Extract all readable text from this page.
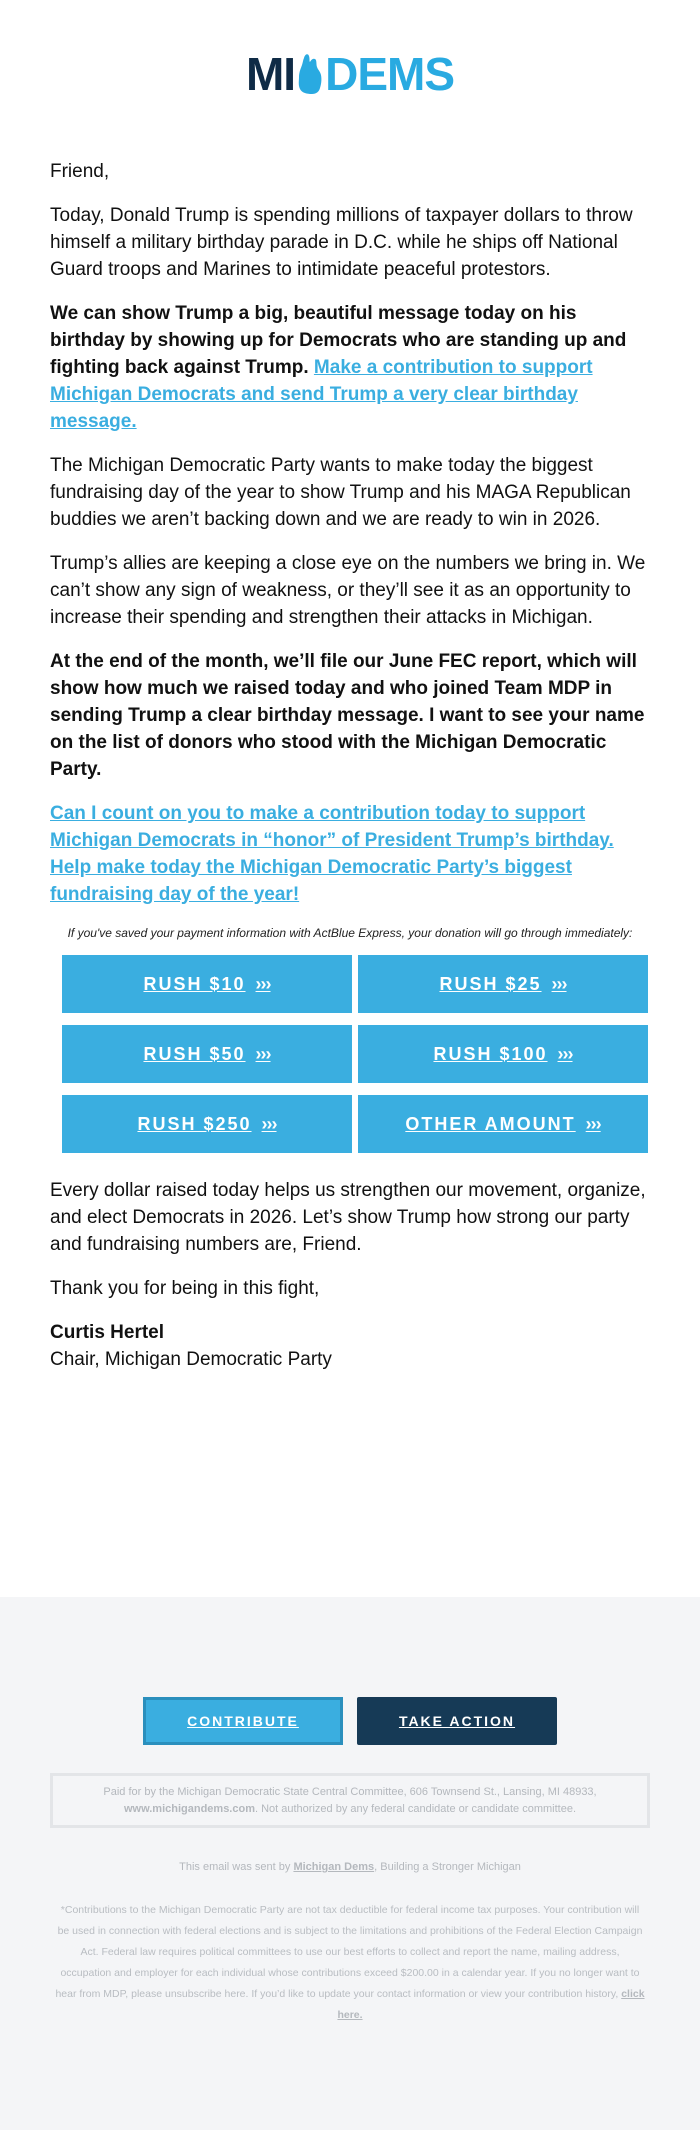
MI DEMS

Friend,

Today, Donald Trump is spending millions of taxpayer dollars to throw himself a military birthday parade in D.C. while he ships off National Guard troops and Marines to intimidate peaceful protestors.

We can show Trump a big, beautiful message today on his birthday by showing up for Democrats who are standing up and fighting back against Trump. Make a contribution to support Michigan Democrats and send Trump a very clear birthday message.

The Michigan Democratic Party wants to make today the biggest fundraising day of the year to show Trump and his MAGA Republican buddies we aren’t backing down and we are ready to win in 2026.

Trump’s allies are keeping a close eye on the numbers we bring in. We can’t show any sign of weakness, or they’ll see it as an opportunity to increase their spending and strengthen their attacks in Michigan.

At the end of the month, we’ll file our June FEC report, which will show how much we raised today and who joined Team MDP in sending Trump a clear birthday message. I want to see your name on the list of donors who stood with the Michigan Democratic Party.

Can I count on you to make a contribution today to support Michigan Democrats in “honor” of President Trump’s birthday. Help make today the Michigan Democratic Party’s biggest fundraising day of the year!

If you've saved your payment information with ActBlue Express, your donation will go through immediately:

RUSH $10 ›››	RUSH $25 ›››
RUSH $50 ›››	RUSH $100 ›››
RUSH $250 ›››	OTHER AMOUNT ›››

Every dollar raised today helps us strengthen our movement, organize, and elect Democrats in 2026. Let’s show Trump how strong our party and fundraising numbers are, Friend.

Thank you for being in this fight,

Curtis Hertel

Chair, Michigan Democratic Party

CONTRIBUTE	TAKE ACTION
Paid for by the Michigan Democratic State Central Committee, 606 Townsend St., Lansing, MI 48933,
www.michigandems.com. Not authorized by any federal candidate or candidate committee.
This email was sent by Michigan Dems, Building a Stronger Michigan
*Contributions to the Michigan Democratic Party are not tax deductible for federal income tax purposes. Your contribution will be used in connection with federal elections and is subject to the limitations and prohibitions of the Federal Election Campaign Act. Federal law requires political committees to use our best efforts to collect and report the name, mailing address, occupation and employer for each individual whose contributions exceed $200.00 in a calendar year. If you no longer want to hear from MDP, please unsubscribe here. If you’d like to update your contact information or view your contribution history, click here.
